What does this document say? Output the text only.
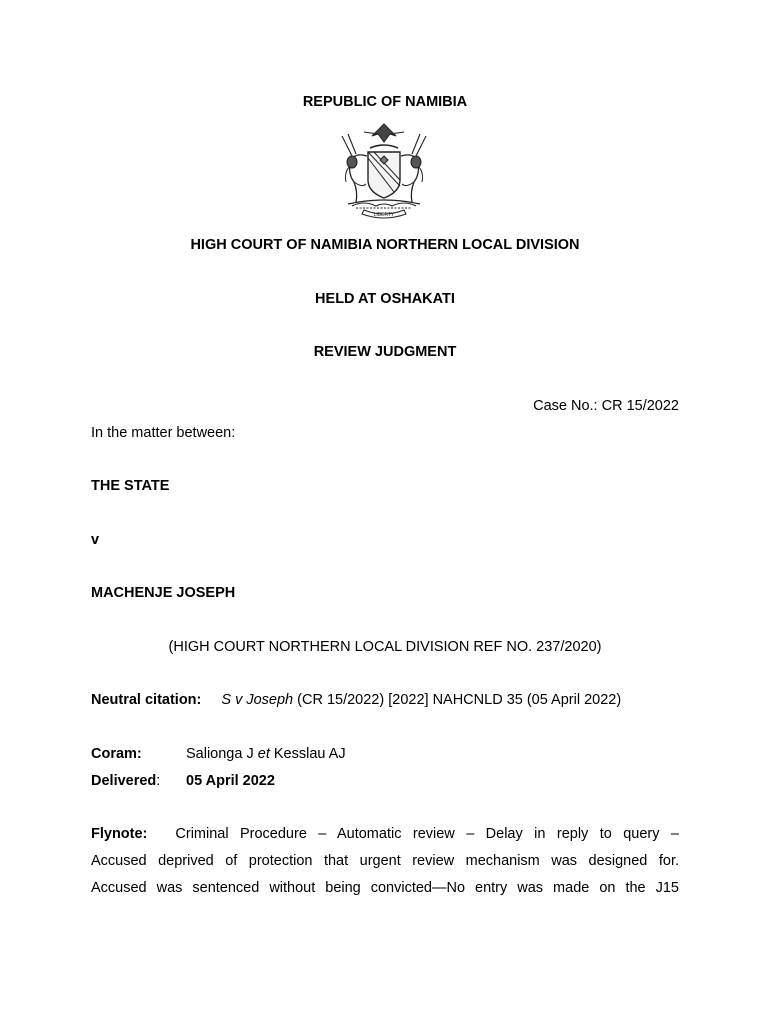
REPUBLIC OF NAMIBIA
LIBERTY
HIGH COURT OF NAMIBIA NORTHERN LOCAL DIVISION
HELD AT OSHAKATI
REVIEW JUDGMENT
Case No.: CR 15/2022
In the matter between:
THE STATE
v
MACHENJE JOSEPH
(HIGH COURT NORTHERN LOCAL DIVISION REF NO. 237/2020)
Neutral citation: S v Joseph (CR 15/2022) [2022] NAHCNLD 35 (05 April 2022)
Coram:	Salionga J et Kesslau AJ
Delivered: 05 April 2022
Flynote: Criminal Procedure – Automatic review – Delay in reply to query –
Accused deprived of protection that urgent review mechanism was designed for.
Accused was sentenced without being convicted—No entry was made on the J15
